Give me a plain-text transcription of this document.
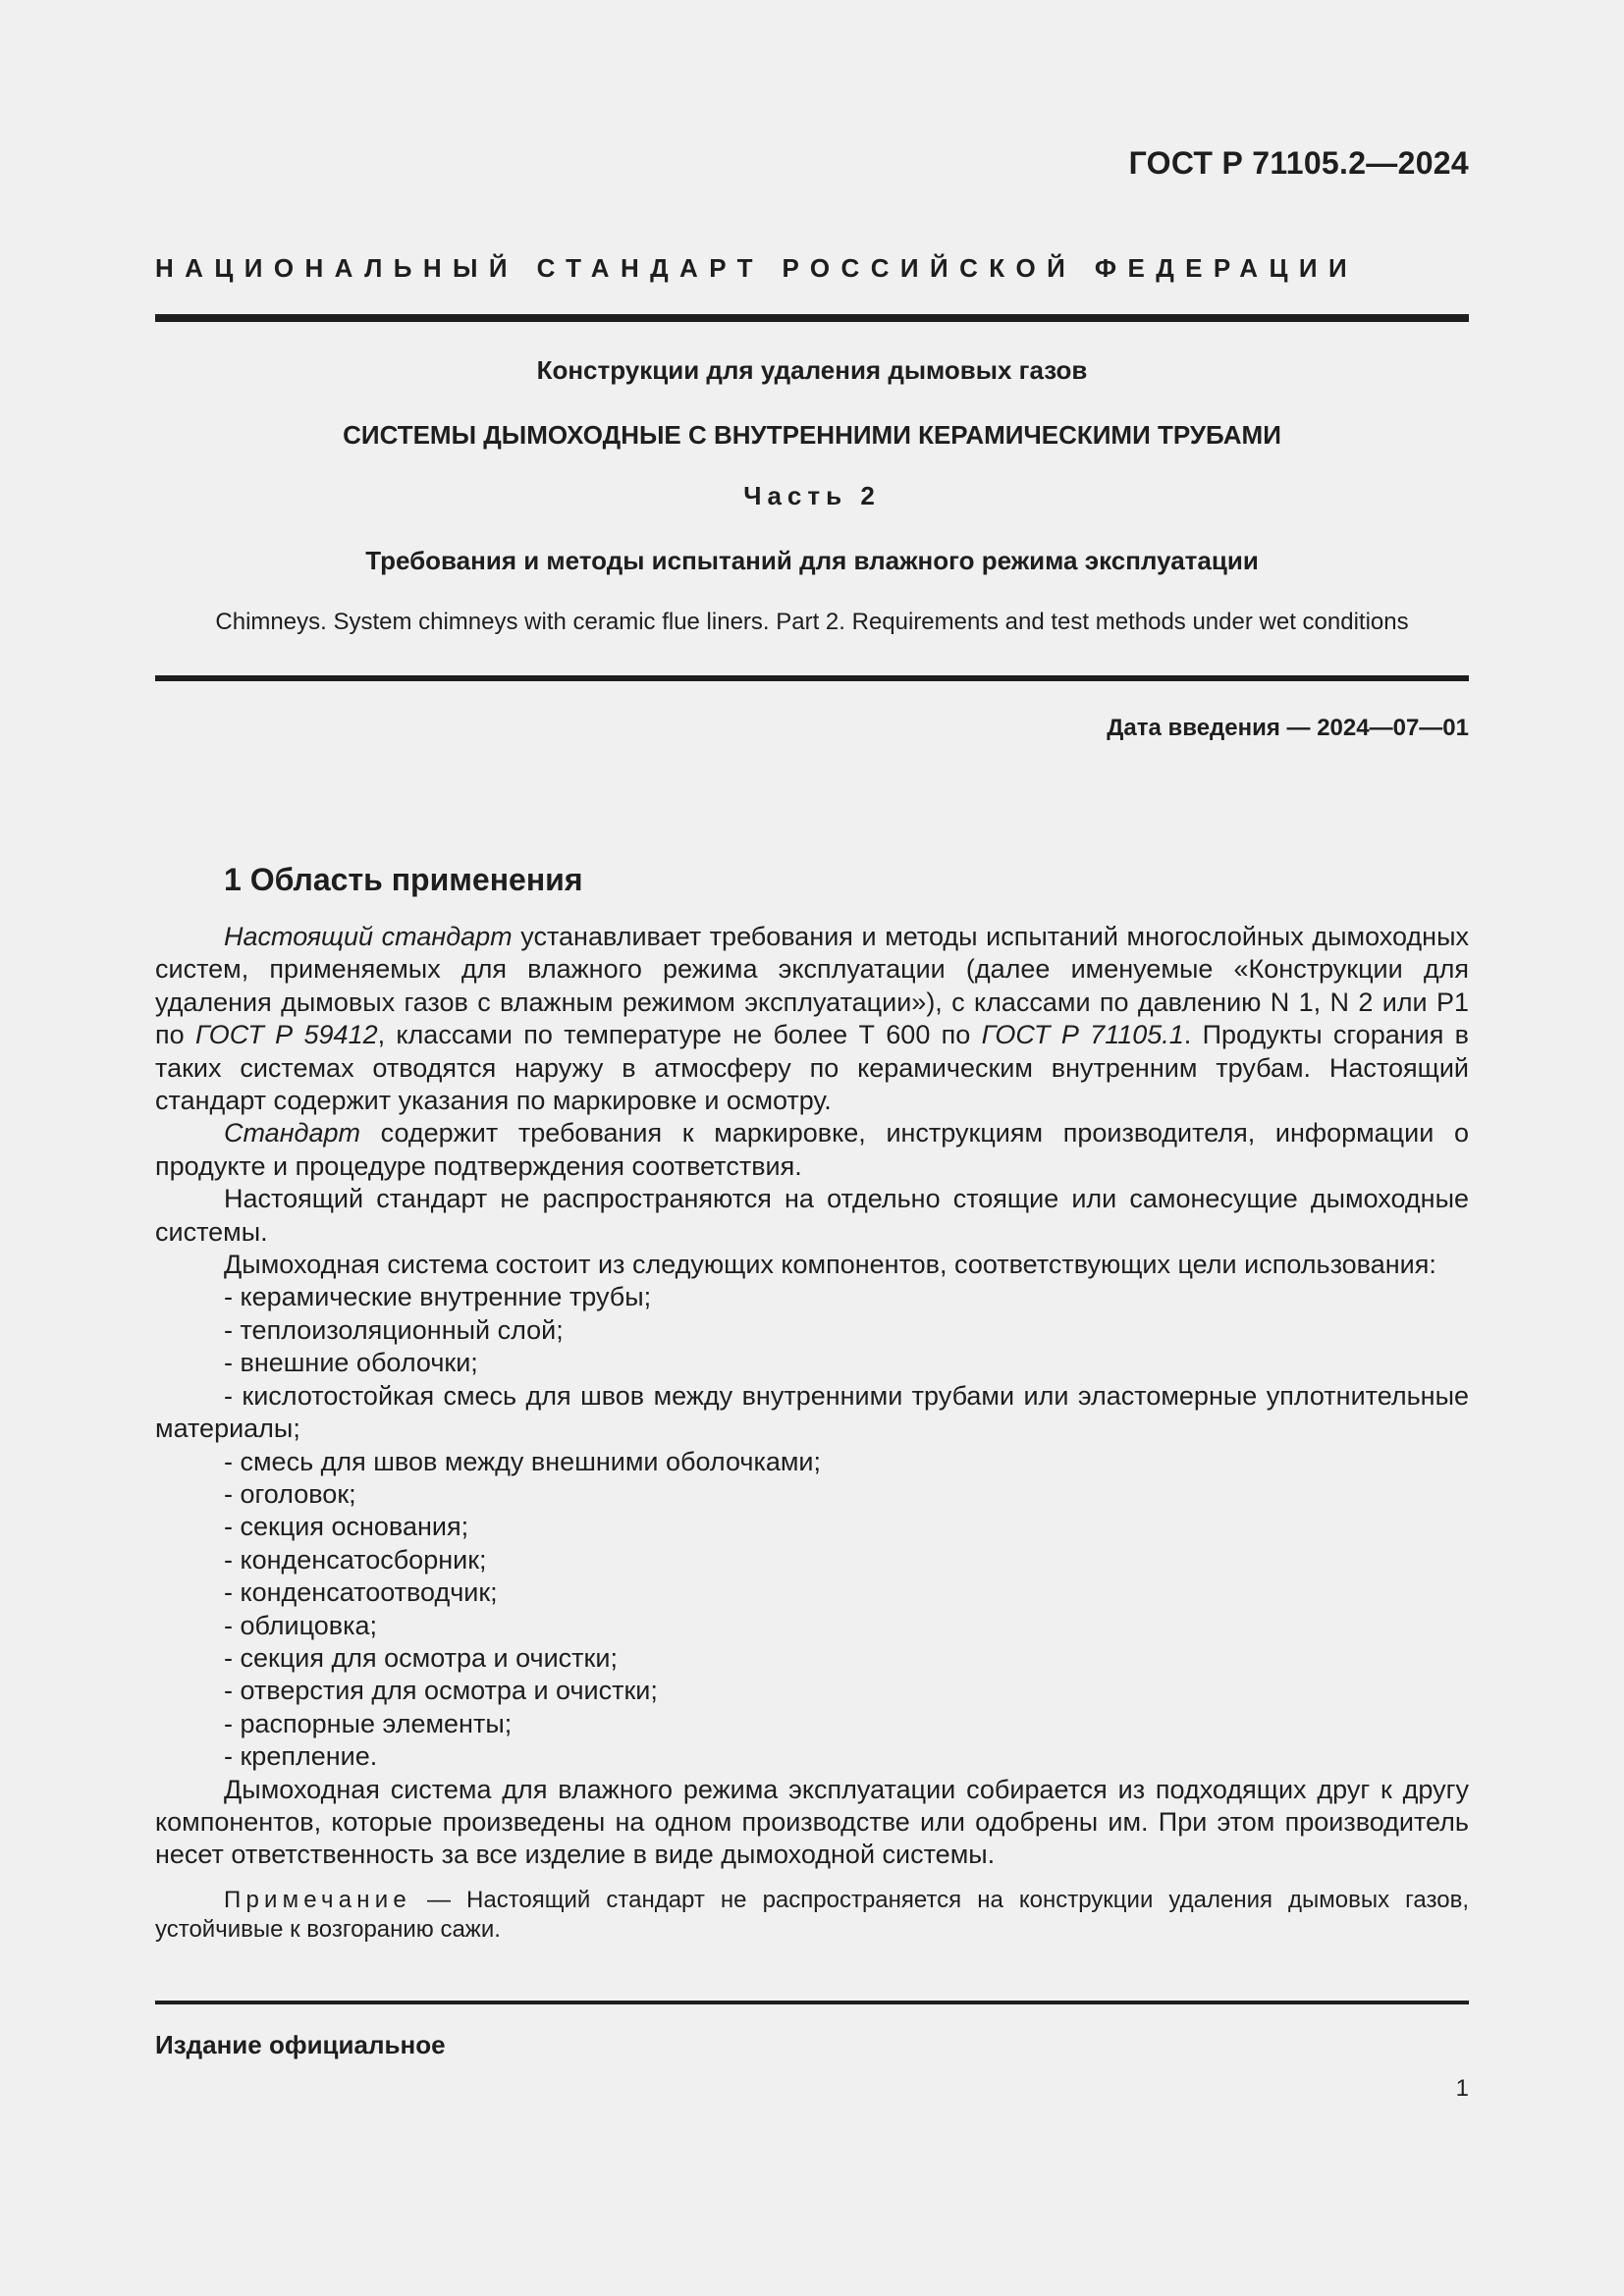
ГОСТ Р 71105.2—2024
НАЦИОНАЛЬНЫЙ СТАНДАРТ РОССИЙСКОЙ ФЕДЕРАЦИИ
Конструкции для удаления дымовых газов
СИСТЕМЫ ДЫМОХОДНЫЕ С ВНУТРЕННИМИ КЕРАМИЧЕСКИМИ ТРУБАМИ
Часть 2
Требования и методы испытаний для влажного режима эксплуатации
Chimneys. System chimneys with ceramic flue liners. Part 2. Requirements and test methods under wet conditions
Дата введения — 2024—07—01
1 Область применения

Настоящий стандарт устанавливает требования и методы испытаний многослойных дымоходных систем, применяемых для влажного режима эксплуатации (далее именуемые «Конструкции для удаления дымовых газов с влажным режимом эксплуатации»), с классами по давлению N 1, N 2 или P1 по ГОСТ Р 59412, классами по температуре не более Т 600 по ГОСТ Р 71105.1. Продукты сгорания в таких системах отводятся наружу в атмосферу по керамическим внутренним трубам. Настоящий стандарт содержит указания по маркировке и осмотру.

Стандарт содержит требования к маркировке, инструкциям производителя, информации о продукте и процедуре подтверждения соответствия.

Настоящий стандарт не распространяются на отдельно стоящие или самонесущие дымоходные системы.

Дымоходная система состоит из следующих компонентов, соответствующих цели использования:

- керамические внутренние трубы;
- теплоизоляционный слой;
- внешние оболочки;
- кислотостойкая смесь для швов между внутренними трубами или эластомерные уплотнительные материалы;
- смесь для швов между внешними оболочками;
- оголовок;
- секция основания;
- конденсатосборник;
- конденсатоотводчик;
- облицовка;
- секция для осмотра и очистки;
- отверстия для осмотра и очистки;
- распорные элементы;
- крепление.

Дымоходная система для влажного режима эксплуатации собирается из подходящих друг к другу компонентов, которые произведены на одном производстве или одобрены им. При этом производитель несет ответственность за все изделие в виде дымоходной системы.

Примечание — Настоящий стандарт не распространяется на конструкции удаления дымовых газов, устойчивые к возгоранию сажи.

Издание официальное
1
